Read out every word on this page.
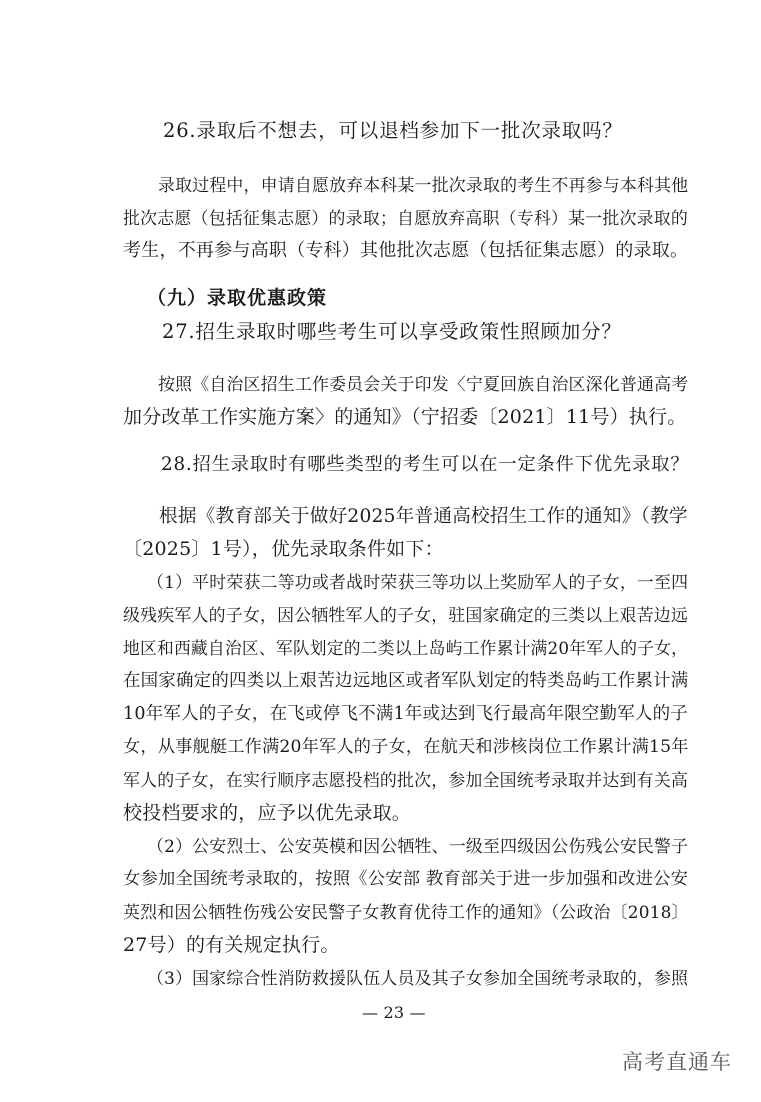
26.录取后不想去，可以退档参加下一批次录取吗？
录取过程中，申请自愿放弃本科某一批次录取的考生不再参与本科其他
批次志愿（包括征集志愿）的录取；自愿放弃高职（专科）某一批次录取的
考生，不再参与高职（专科）其他批次志愿（包括征集志愿）的录取。
（九）录取优惠政策
27.招生录取时哪些考生可以享受政策性照顾加分？
按照《自治区招生工作委员会关于印发〈宁夏回族自治区深化普通高考
加分改革工作实施方案〉的通知》（宁招委〔2021〕11号）执行。
28.招生录取时有哪些类型的考生可以在一定条件下优先录取？
根据《教育部关于做好2025年普通高校招生工作的通知》（教学
〔2025〕1号），优先录取条件如下：
（1）平时荣获二等功或者战时荣获三等功以上奖励军人的子女，一至四
级残疾军人的子女，因公牺牲军人的子女，驻国家确定的三类以上艰苦边远
地区和西藏自治区、军队划定的二类以上岛屿工作累计满20年军人的子女，
在国家确定的四类以上艰苦边远地区或者军队划定的特类岛屿工作累计满
10年军人的子女，在飞或停飞不满1年或达到飞行最高年限空勤军人的子
女，从事舰艇工作满20年军人的子女，在航天和涉核岗位工作累计满15年
军人的子女，在实行顺序志愿投档的批次，参加全国统考录取并达到有关高
校投档要求的，应予以优先录取。
（2）公安烈士、公安英模和因公牺牲、一级至四级因公伤残公安民警子
女参加全国统考录取的，按照《公安部 教育部关于进一步加强和改进公安
英烈和因公牺牲伤残公安民警子女教育优待工作的通知》（公政治〔2018〕
27号）的有关规定执行。
（3）国家综合性消防救援队伍人员及其子女参加全国统考录取的，参照
— 23 —
高考直通车
